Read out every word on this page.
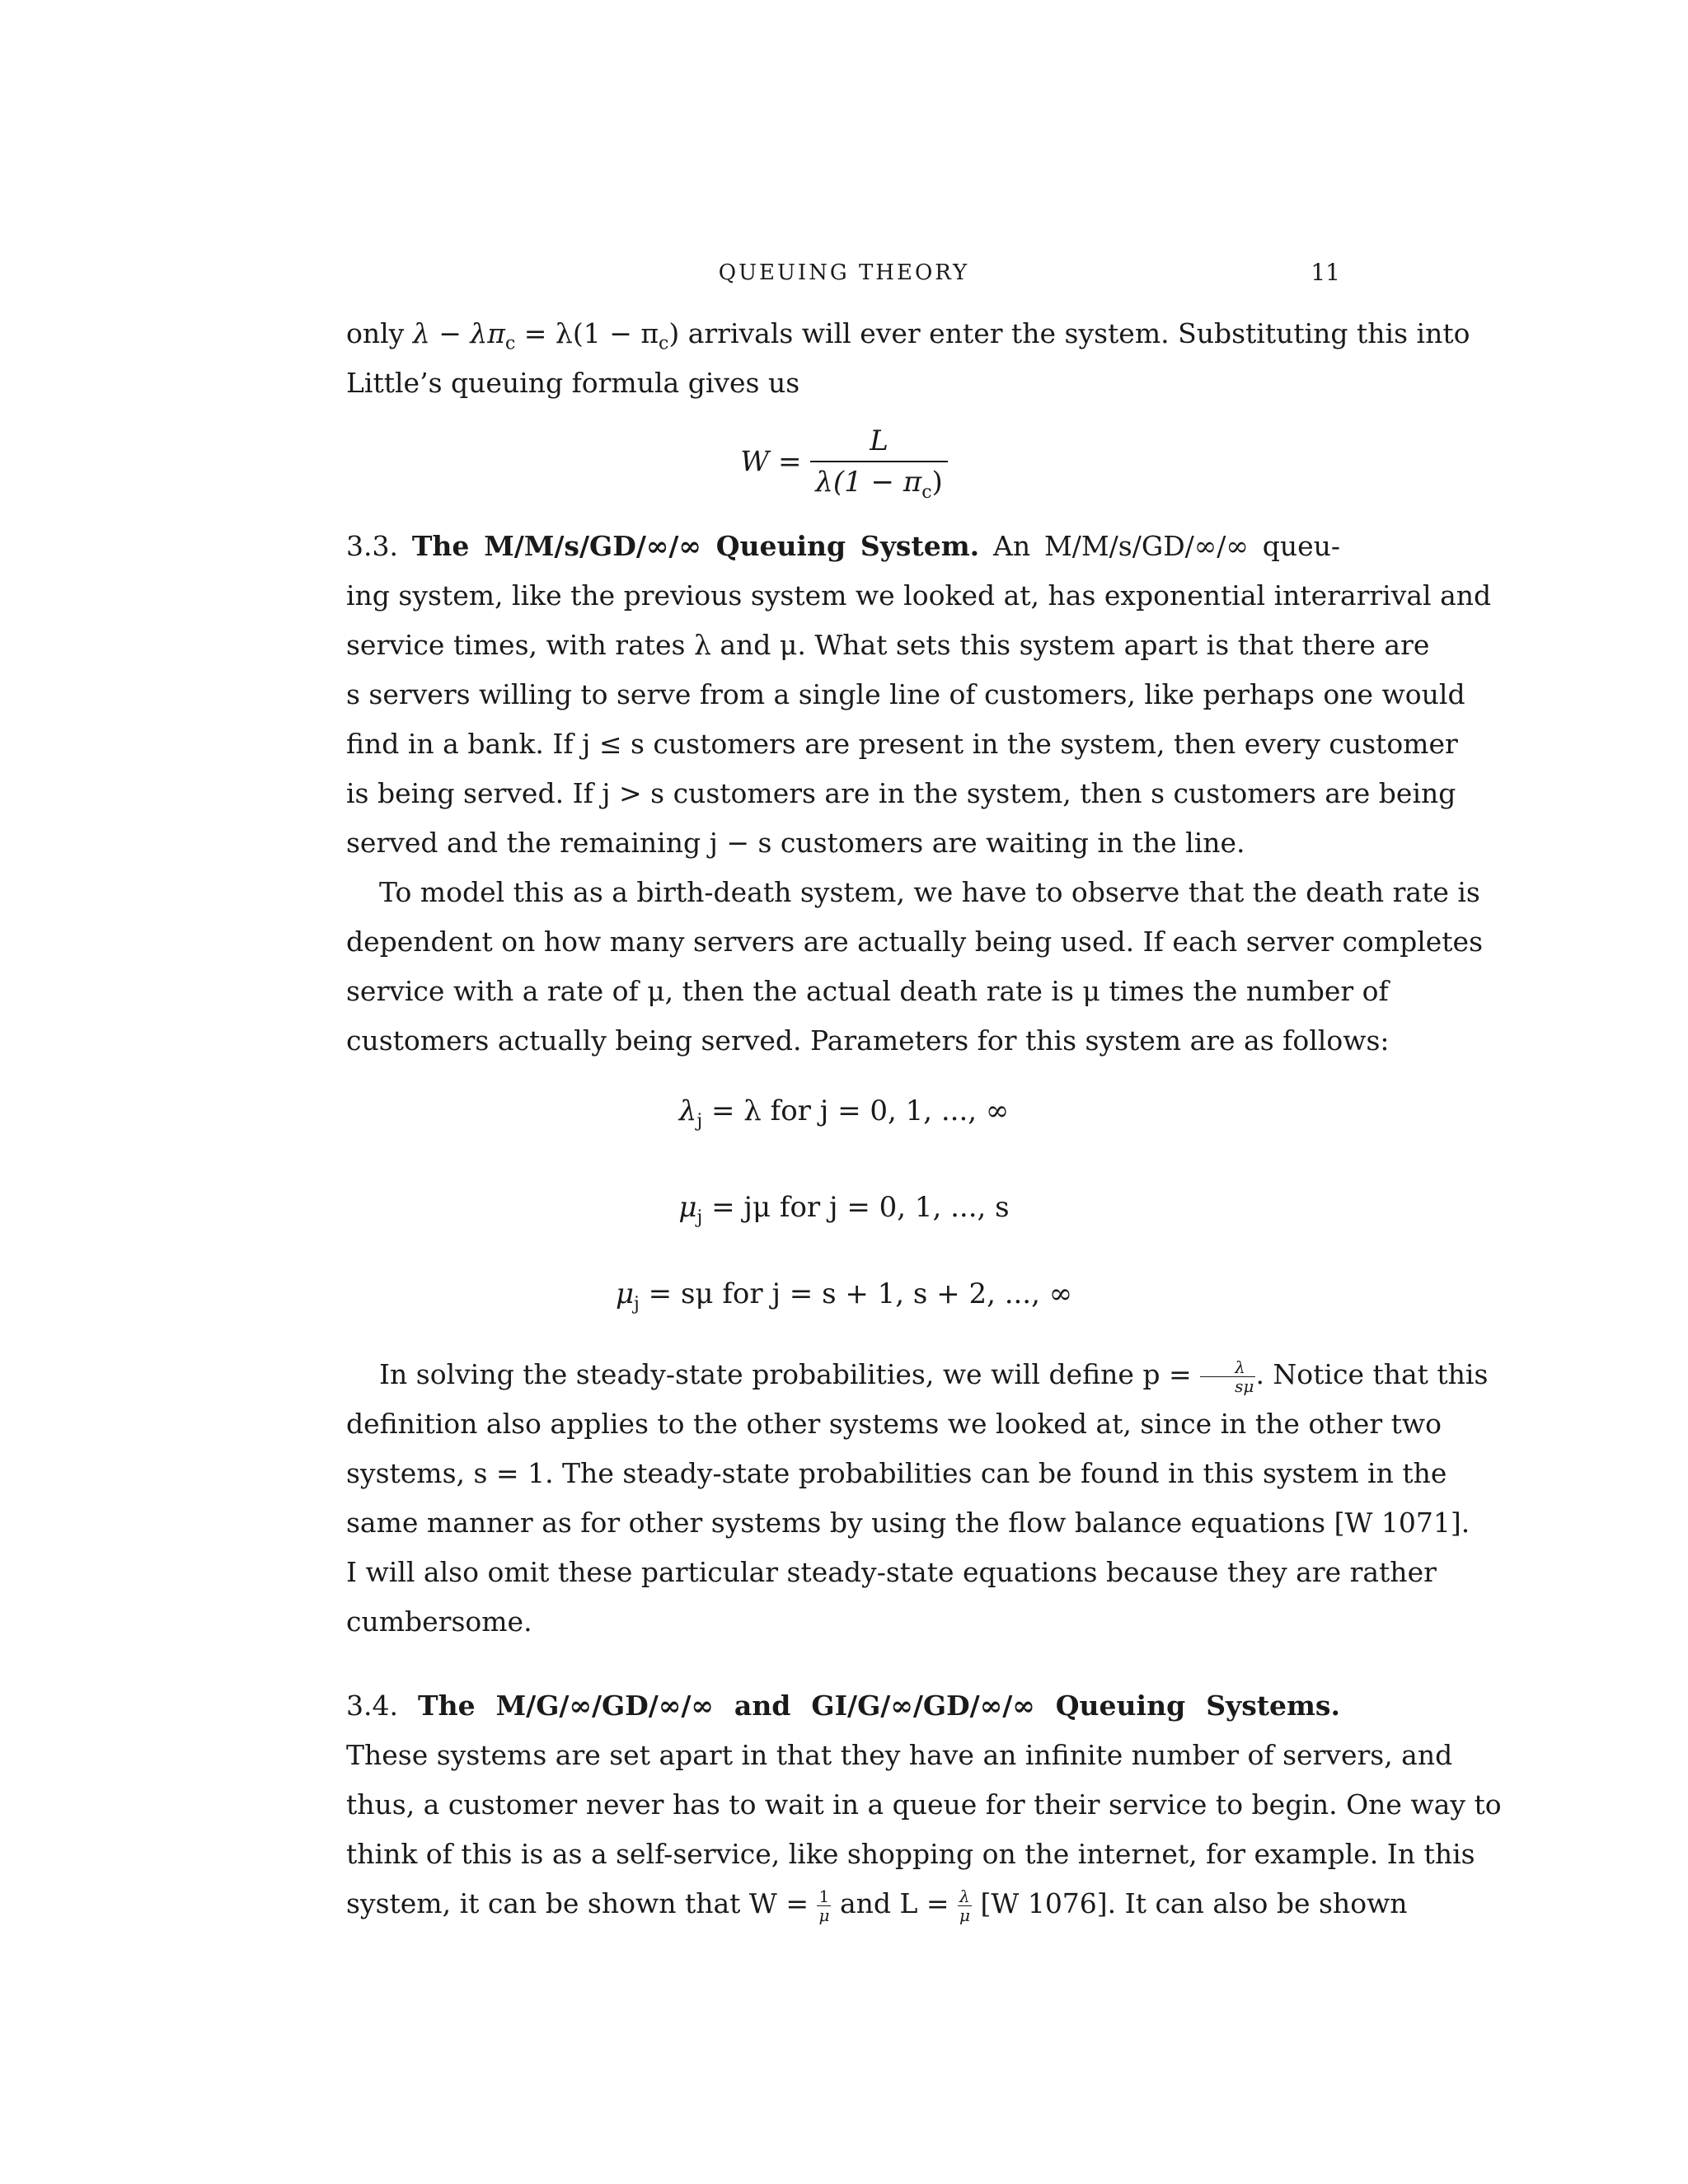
QUEUING THEORY	11
only $\lambda - \lambda\pi_c = \lambda(1 - \pi_c)$ arrivals will ever enter the system. Substituting this into
Little’s queuing formula gives us
$W = \frac{L}{\lambda(1 - \pi_c)}$
3.3. The M/M/s/GD/∞/∞ Queuing System. An M/M/s/GD/∞/∞ queu-
ing system, like the previous system we looked at, has exponential interarrival and
service times, with rates λ and μ. What sets this system apart is that there are
s servers willing to serve from a single line of customers, like perhaps one would
find in a bank. If j ≤ s customers are present in the system, then every customer
is being served. If j > s customers are in the system, then s customers are being
served and the remaining j − s customers are waiting in the line.
To model this as a birth-death system, we have to observe that the death rate is
dependent on how many servers are actually being used. If each server completes
service with a rate of μ, then the actual death rate is μ times the number of
customers actually being served. Parameters for this system are as follows:
$\lambda_j = \lambda$ for j = 0, 1, ..., ∞
$\mu_j = j\mu$ for j = 0, 1, ..., s
$\mu_j = s\mu$ for j = s + 1, s + 2, ..., ∞
In solving the steady-state probabilities, we will define $p = \frac{\lambda}{s\mu}$ . Notice that this
definition also applies to the other systems we looked at, since in the other two
systems, s = 1. The steady-state probabilities can be found in this system in the
same manner as for other systems by using the flow balance equations [W 1071].
I will also omit these particular steady-state equations because they are rather
cumbersome.
3.4. The M/G/∞/GD/∞/∞ and GI/G/∞/GD/∞/∞ Queuing Systems.
These systems are set apart in that they have an infinite number of servers, and
thus, a customer never has to wait in a queue for their service to begin. One way to
think of this is as a self-service, like shopping on the internet, for example. In this
system, it can be shown that $W = \frac{1}{\mu}$ and $L = \frac{\lambda}{\mu} [W$ 1076]. It can also be shown
